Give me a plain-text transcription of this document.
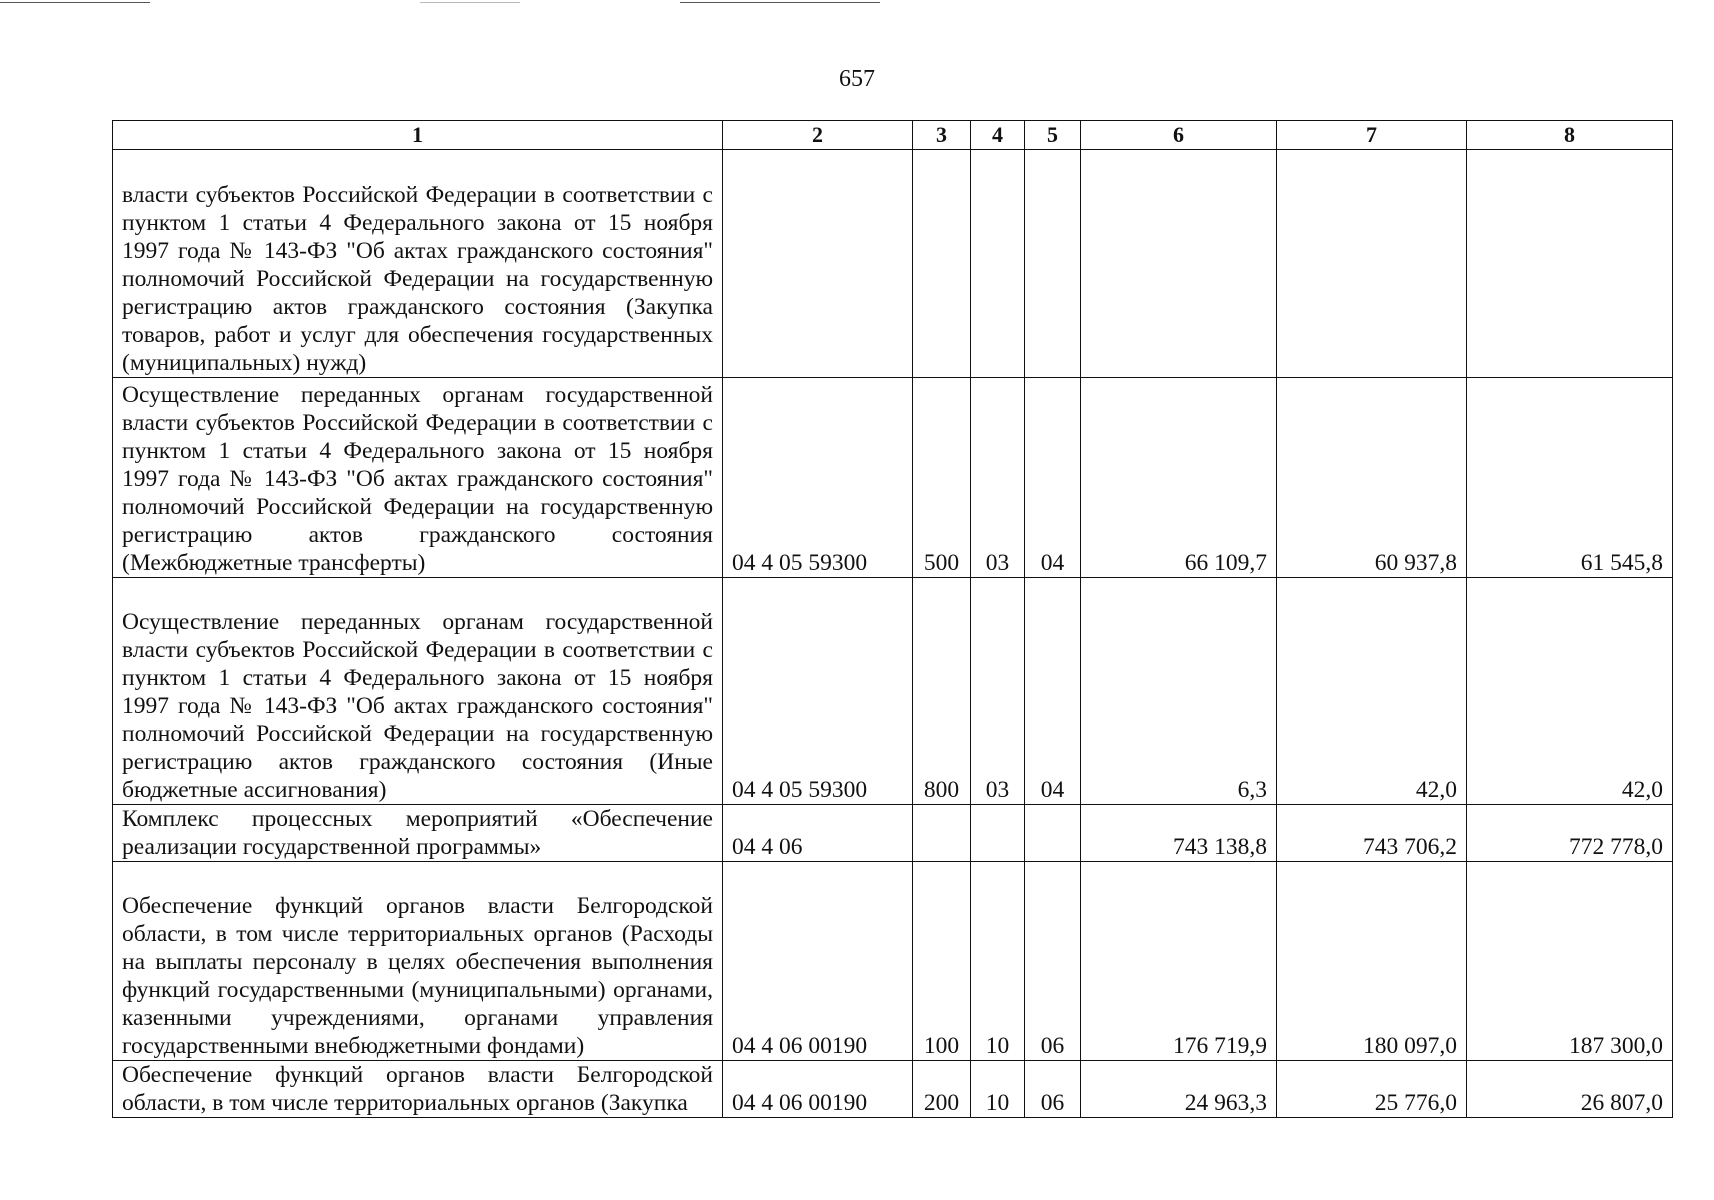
657
1	2	3	4	5	6	7	8

власти субъектов Российской Федерации в соответствии с пунктом 1 статьи 4 Федерального закона от 15 ноября 1997 года № 143-ФЗ "Об актах гражданского состояния" полномочий Российской Федерации на государственную регистрацию актов гражданского состояния (Закупка товаров, работ и услуг для обеспечения государственных (муниципальных) нужд)							

Осуществление переданных органам государственной власти субъектов Российской Федерации в соответствии с пунктом 1 статьи 4 Федерального закона от 15 ноября 1997 года № 143-ФЗ "Об актах гражданского состояния" полномочий Российской Федерации на государственную регистрацию актов гражданского состояния (Межбюджетные трансферты)	04 4 05 59300	500	03	04	66 109,7	60 937,8	61 545,8

Осуществление переданных органам государственной власти субъектов Российской Федерации в соответствии с пунктом 1 статьи 4 Федерального закона от 15 ноября 1997 года № 143-ФЗ "Об актах гражданского состояния" полномочий Российской Федерации на государственную регистрацию актов гражданского состояния (Иные бюджетные ассигнования)	04 4 05 59300	800	03	04	6,3	42,0	42,0

Комплекс процессных мероприятий «Обеспечение реализации государственной программы»	04 4 06				743 138,8	743 706,2	772 778,0

Обеспечение функций органов власти Белгородской области, в том числе территориальных органов (Расходы на выплаты персоналу в целях обеспечения выполнения функций государственными (муниципальными) органами, казенными учреждениями, органами управления государственными внебюджетными фондами)	04 4 06 00190	100	10	06	176 719,9	180 097,0	187 300,0

Обеспечение функций органов власти Белгородской области, в том числе территориальных органов (Закупка	04 4 06 00190	200	10	06	24 963,3	25 776,0	26 807,0
